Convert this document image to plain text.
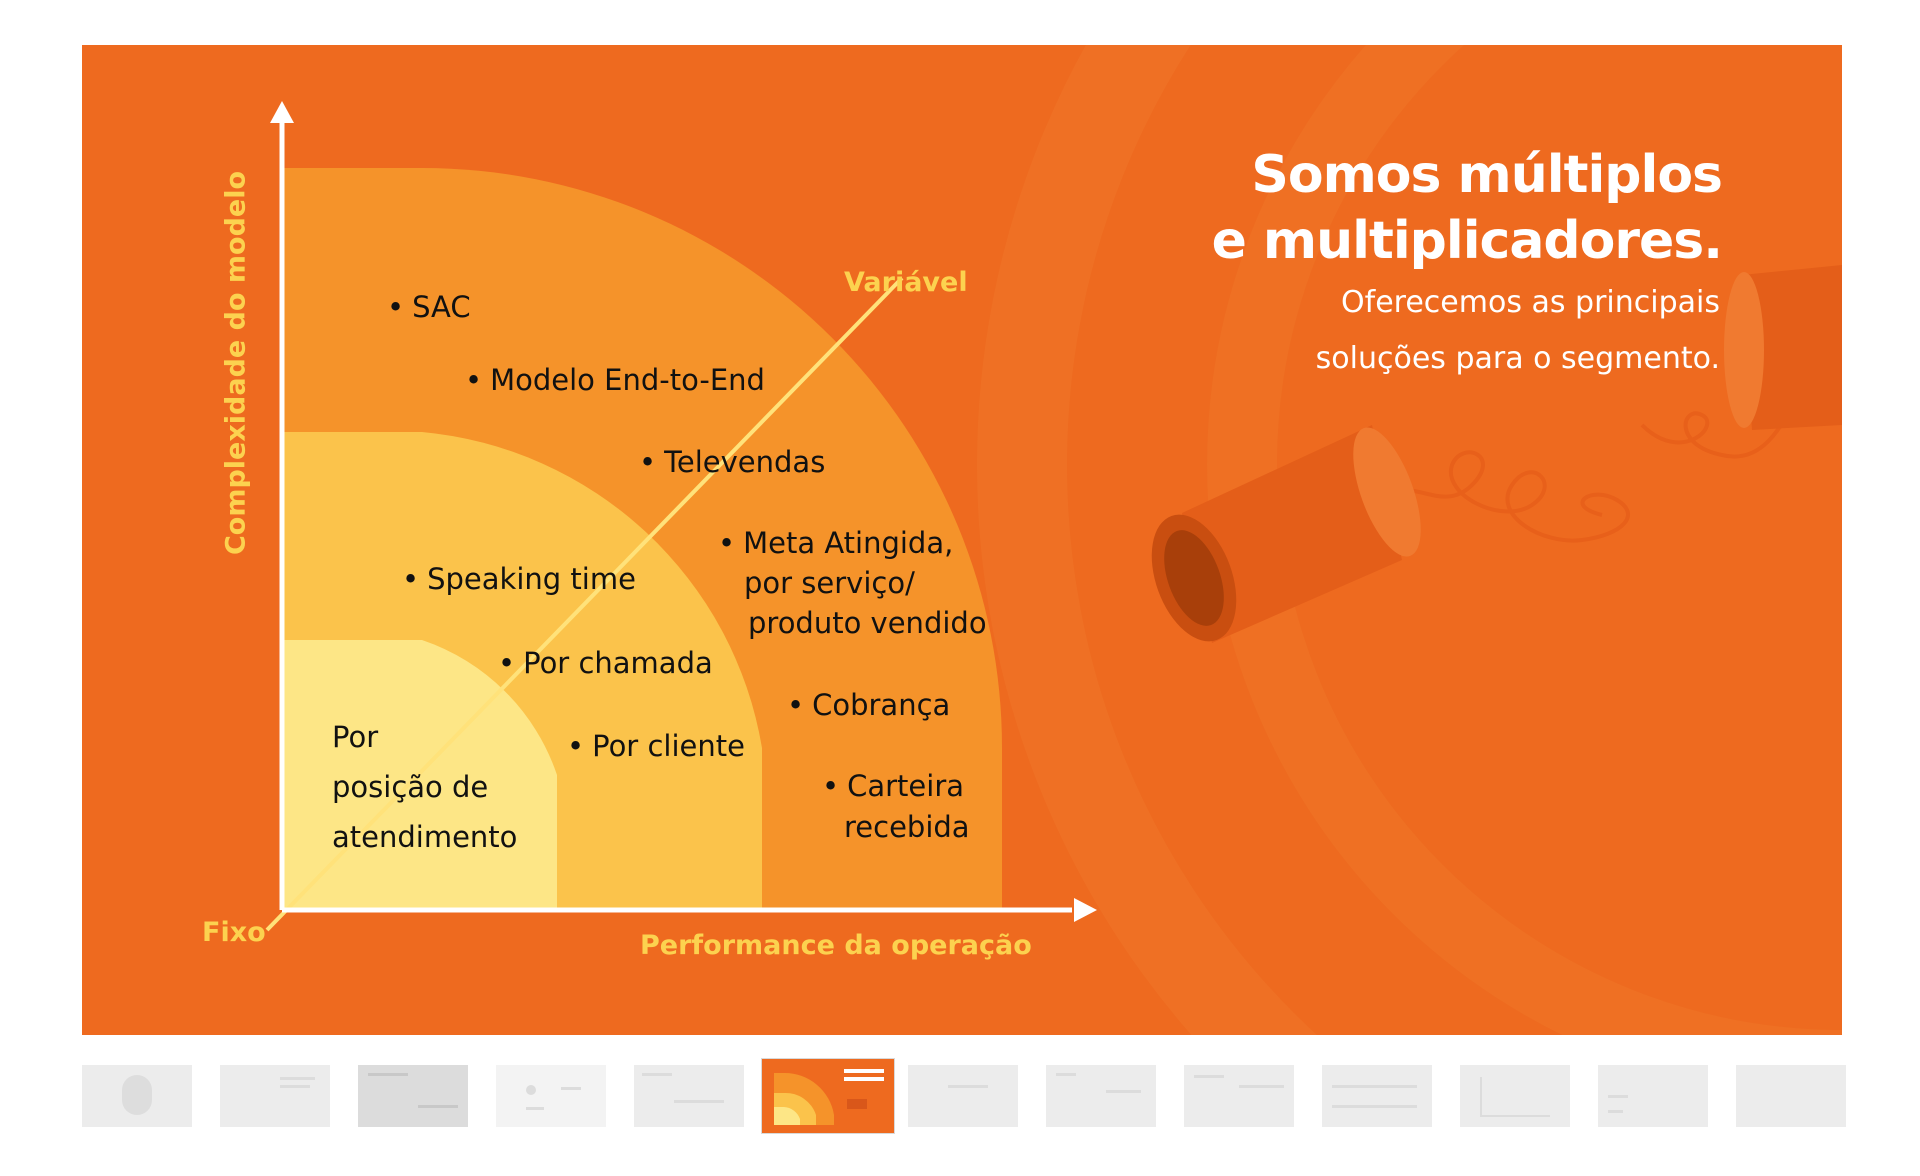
Complexidade do modelo	Variável
Fixo	Performance da operação
• SAC
• Modelo End-to-End
• Televendas
• Meta Atingida,
por serviço/
produto vendido
• Cobrança
• Carteira
recebida
• Speaking time
• Por chamada
• Por cliente
Por
posição de
atendimento
Somos múltiplos
e multiplicadores.
Oferecemos as principais
soluções para o segmento.
